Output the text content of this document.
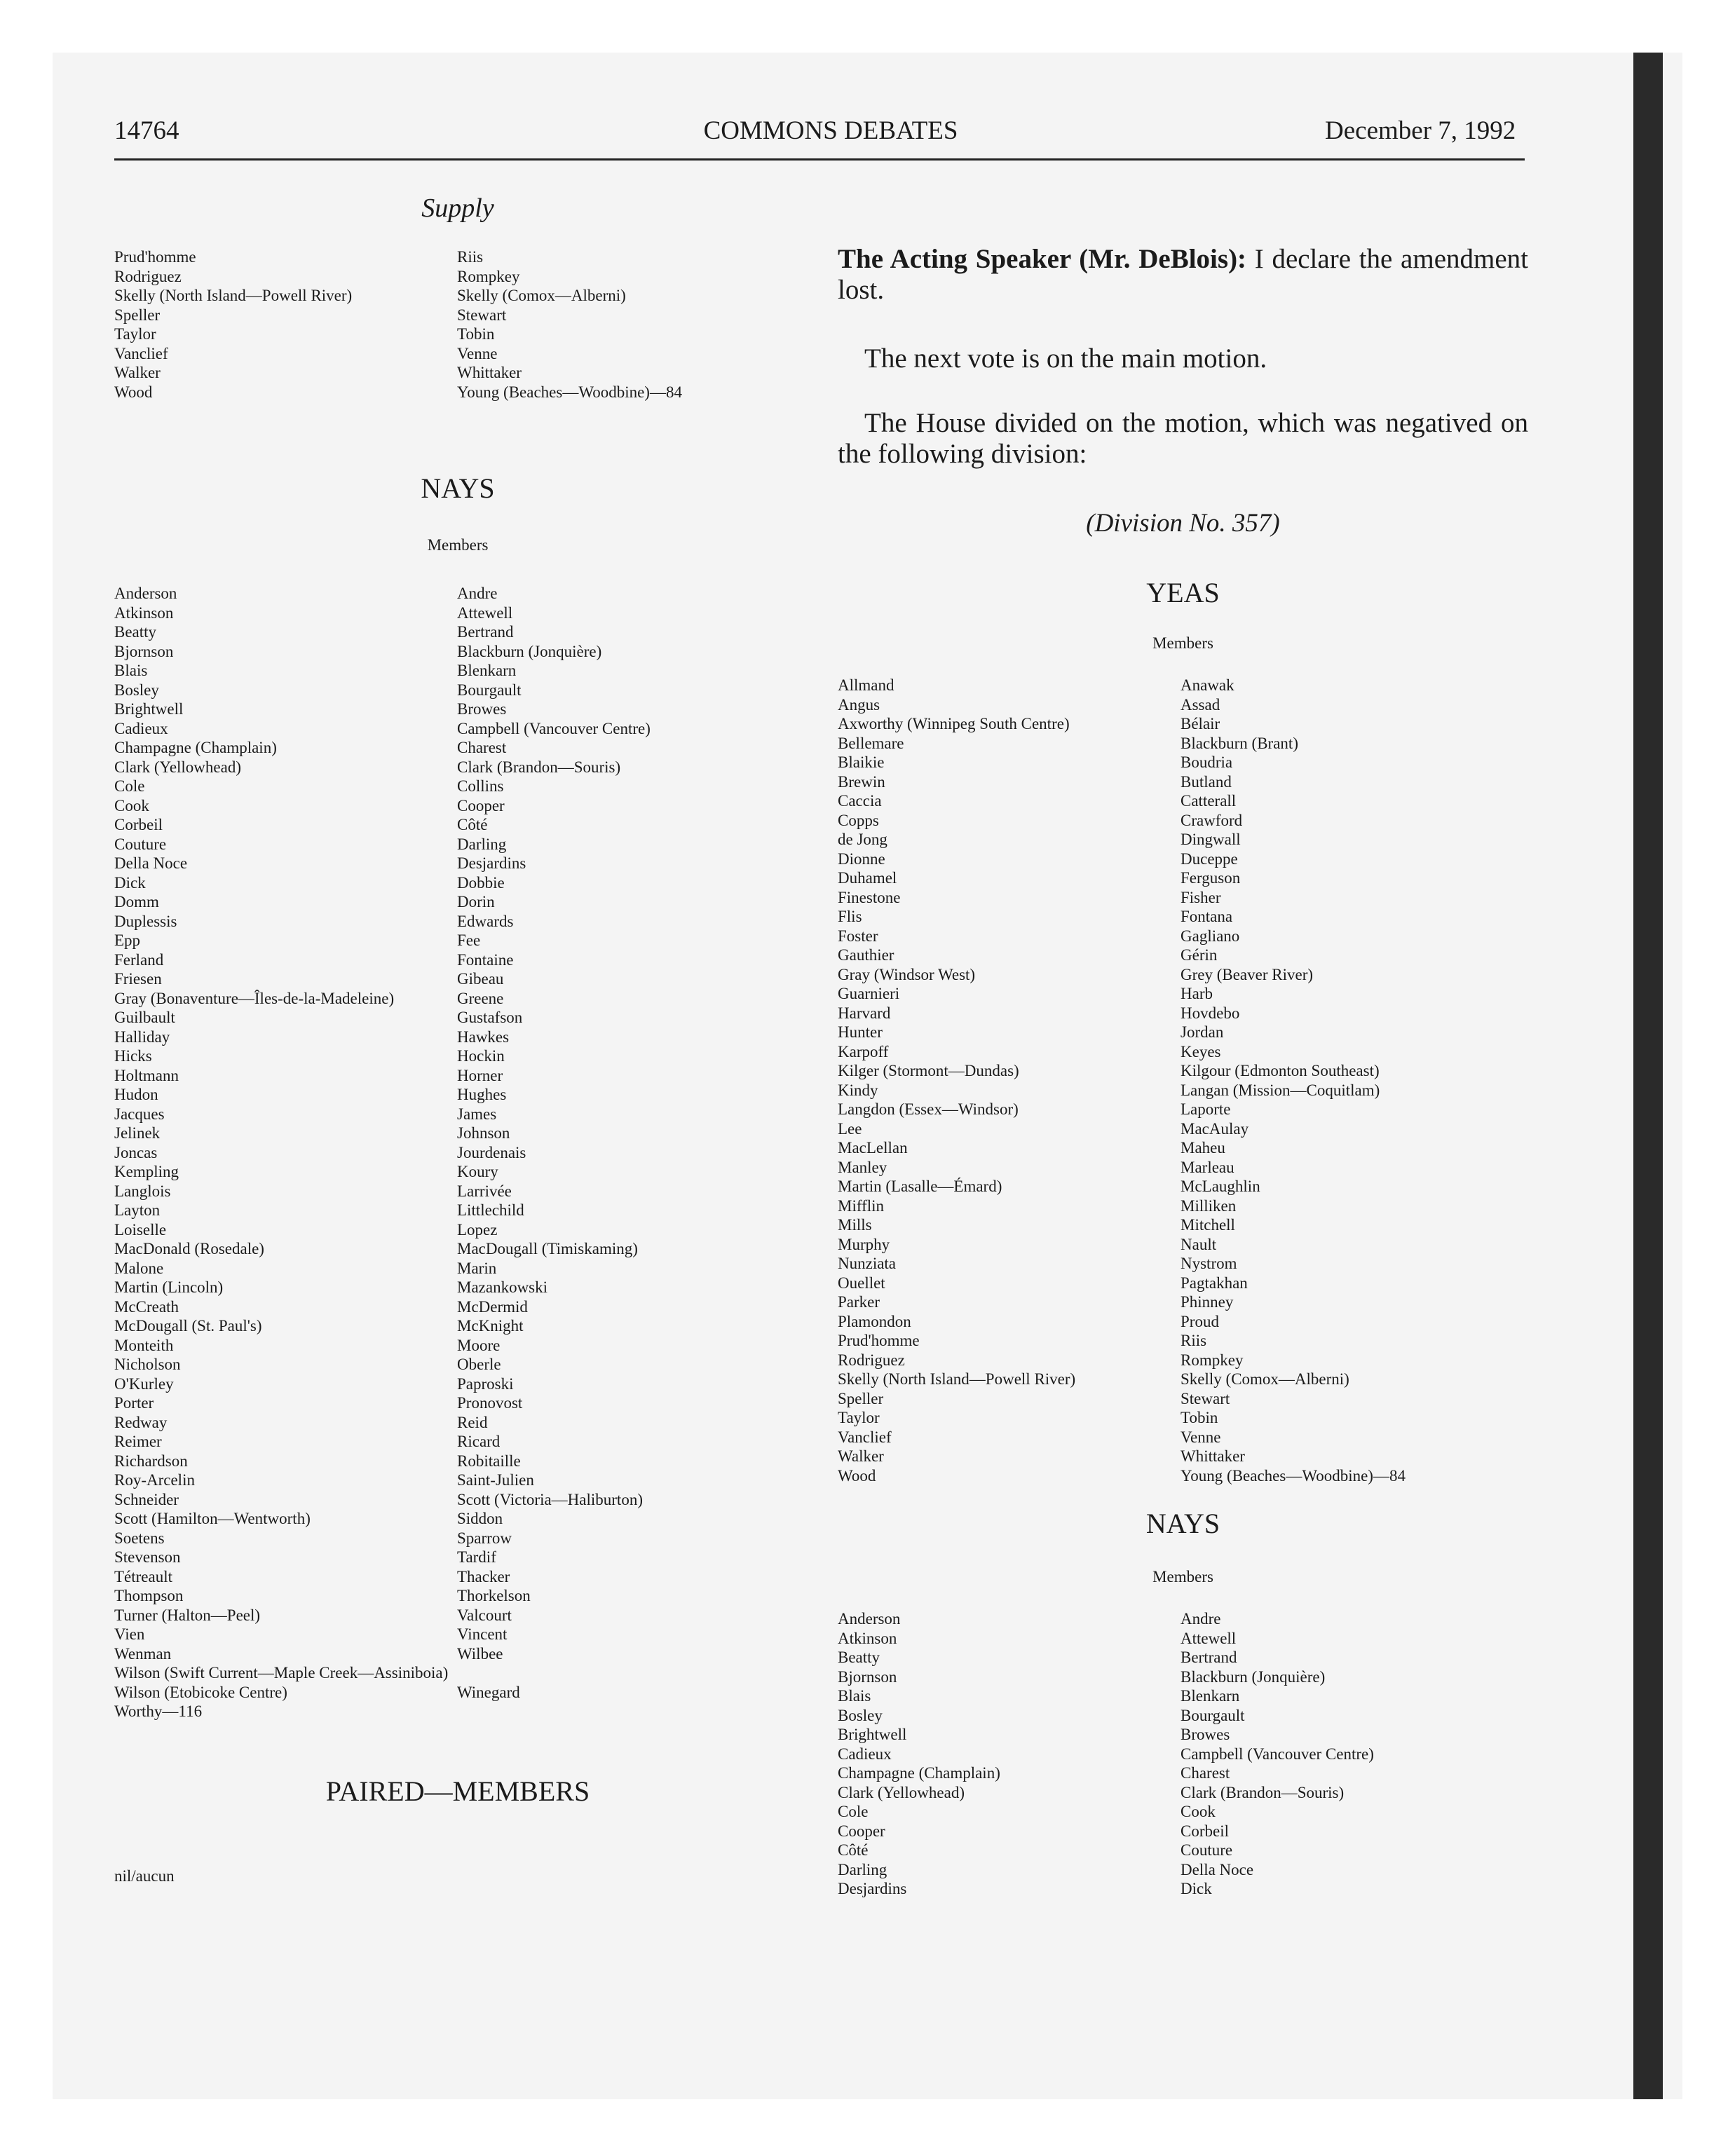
14764	COMMONS DEBATES	December 7, 1992
Supply
Prud'homme
Rodriguez
Skelly (North Island—Powell River)
Speller
Taylor
Vanclief
Walker
Wood
Riis
Rompkey
Skelly (Comox—Alberni)
Stewart
Tobin
Venne
Whittaker
Young (Beaches—Woodbine)—84
NAYS
Members
Anderson
Atkinson
Beatty
Bjornson
Blais
Bosley
Brightwell
Cadieux
Champagne (Champlain)
Clark (Yellowhead)
Cole
Cook
Corbeil
Couture
Della Noce
Dick
Domm
Duplessis
Epp
Ferland
Friesen
Gray (Bonaventure—Îles-de-la-Madeleine)
Guilbault
Halliday
Hicks
Holtmann
Hudon
Jacques
Jelinek
Joncas
Kempling
Langlois
Layton
Loiselle
MacDonald (Rosedale)
Malone
Martin (Lincoln)
McCreath
McDougall (St. Paul's)
Monteith
Nicholson
O'Kurley
Porter
Redway
Reimer
Richardson
Roy-Arcelin
Schneider
Scott (Hamilton—Wentworth)
Soetens
Stevenson
Tétreault
Thompson
Turner (Halton—Peel)
Vien
Wenman
Wilson (Swift Current—Maple Creek—Assiniboia)
Wilson (Etobicoke Centre)
Worthy—116
Andre
Attewell
Bertrand
Blackburn (Jonquière)
Blenkarn
Bourgault
Browes
Campbell (Vancouver Centre)
Charest
Clark (Brandon—Souris)
Collins
Cooper
Côté
Darling
Desjardins
Dobbie
Dorin
Edwards
Fee
Fontaine
Gibeau
Greene
Gustafson
Hawkes
Hockin
Horner
Hughes
James
Johnson
Jourdenais
Koury
Larrivée
Littlechild
Lopez
MacDougall (Timiskaming)
Marin
Mazankowski
McDermid
McKnight
Moore
Oberle
Paproski
Pronovost
Reid
Ricard
Robitaille
Saint-Julien
Scott (Victoria—Haliburton)
Siddon
Sparrow
Tardif
Thacker
Thorkelson
Valcourt
Vincent
Wilbee

Winegard
PAIRED—MEMBERS
nil/aucun

The Acting Speaker (Mr. DeBlois): I declare the amendment lost.

The next vote is on the main motion.

The House divided on the motion, which was negatived on the following division:

(Division No. 357)
YEAS
Members
Allmand
Angus
Axworthy (Winnipeg South Centre)
Bellemare
Blaikie
Brewin
Caccia
Copps
de Jong
Dionne
Duhamel
Finestone
Flis
Foster
Gauthier
Gray (Windsor West)
Guarnieri
Harvard
Hunter
Karpoff
Kilger (Stormont—Dundas)
Kindy
Langdon (Essex—Windsor)
Lee
MacLellan
Manley
Martin (Lasalle—Émard)
Mifflin
Mills
Murphy
Nunziata
Ouellet
Parker
Plamondon
Prud'homme
Rodriguez
Skelly (North Island—Powell River)
Speller
Taylor
Vanclief
Walker
Wood
Anawak
Assad
Bélair
Blackburn (Brant)
Boudria
Butland
Catterall
Crawford
Dingwall
Duceppe
Ferguson
Fisher
Fontana
Gagliano
Gérin
Grey (Beaver River)
Harb
Hovdebo
Jordan
Keyes
Kilgour (Edmonton Southeast)
Langan (Mission—Coquitlam)
Laporte
MacAulay
Maheu
Marleau
McLaughlin
Milliken
Mitchell
Nault
Nystrom
Pagtakhan
Phinney
Proud
Riis
Rompkey
Skelly (Comox—Alberni)
Stewart
Tobin
Venne
Whittaker
Young (Beaches—Woodbine)—84
NAYS
Members
Anderson
Atkinson
Beatty
Bjornson
Blais
Bosley
Brightwell
Cadieux
Champagne (Champlain)
Clark (Yellowhead)
Cole
Cooper
Côté
Darling
Desjardins
Andre
Attewell
Bertrand
Blackburn (Jonquière)
Blenkarn
Bourgault
Browes
Campbell (Vancouver Centre)
Charest
Clark (Brandon—Souris)
Cook
Corbeil
Couture
Della Noce
Dick
